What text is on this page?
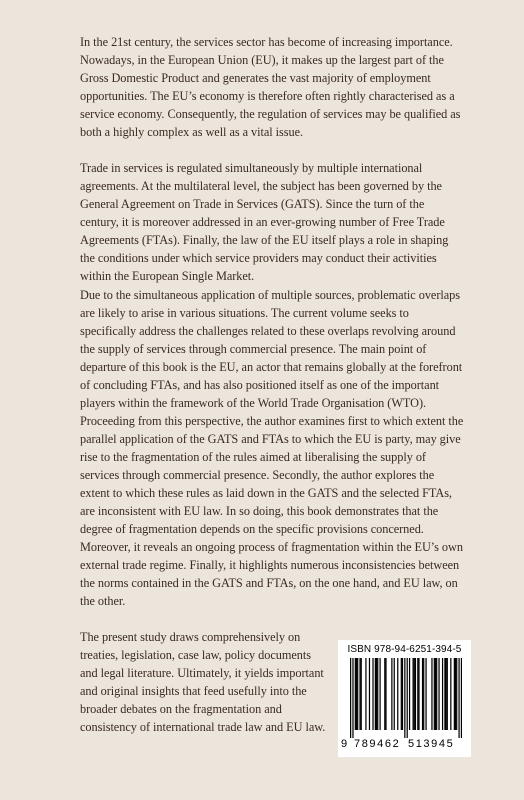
In the 21st century, the services sector has become of increasing importance. Nowadays, in the European Union (EU), it makes up the largest part of the Gross Domestic Product and generates the vast majority of employment opportunities. The EU’s economy is therefore often rightly characterised as a service economy. Consequently, the regulation of services may be qualified as both a highly complex as well as a vital issue.

Trade in services is regulated simultaneously by multiple international agreements. At the multilateral level, the subject has been governed by the General Agreement on Trade in Services (GATS). Since the turn of the century, it is moreover addressed in an ever-growing number of Free Trade Agreements (FTAs). Finally, the law of the EU itself plays a role in shaping the conditions under which service providers may conduct their activities within the European Single Market.

Due to the simultaneous application of multiple sources, problematic overlaps are likely to arise in various situations. The current volume seeks to specifically address the challenges related to these overlaps revolving around the supply of services through commercial presence. The main point of departure of this book is the EU, an actor that remains globally at the forefront of concluding FTAs, and has also positioned itself as one of the important players within the framework of the World Trade Organisation (WTO). Proceeding from this perspective, the author examines first to which extent the parallel application of the GATS and FTAs to which the EU is party, may give rise to the fragmentation of the rules aimed at liberalising the supply of services through commercial presence. Secondly, the author explores the extent to which these rules as laid down in the GATS and the selected FTAs, are inconsistent with EU law. In so doing, this book demonstrates that the degree of fragmentation depends on the specific provisions concerned. Moreover, it reveals an ongoing process of fragmentation within the EU’s own external trade regime. Finally, it highlights numerous inconsistencies between the norms contained in the GATS and FTAs, on the one hand, and EU law, on the other.

The present study draws comprehensively on treaties, legislation, case law, policy documents and legal literature. Ultimately, it yields important and original insights that feed usefully into the broader debates on the fragmentation and consistency of international trade law and EU law.

ISBN 978-94-6251-394-5
9 789462 513945
